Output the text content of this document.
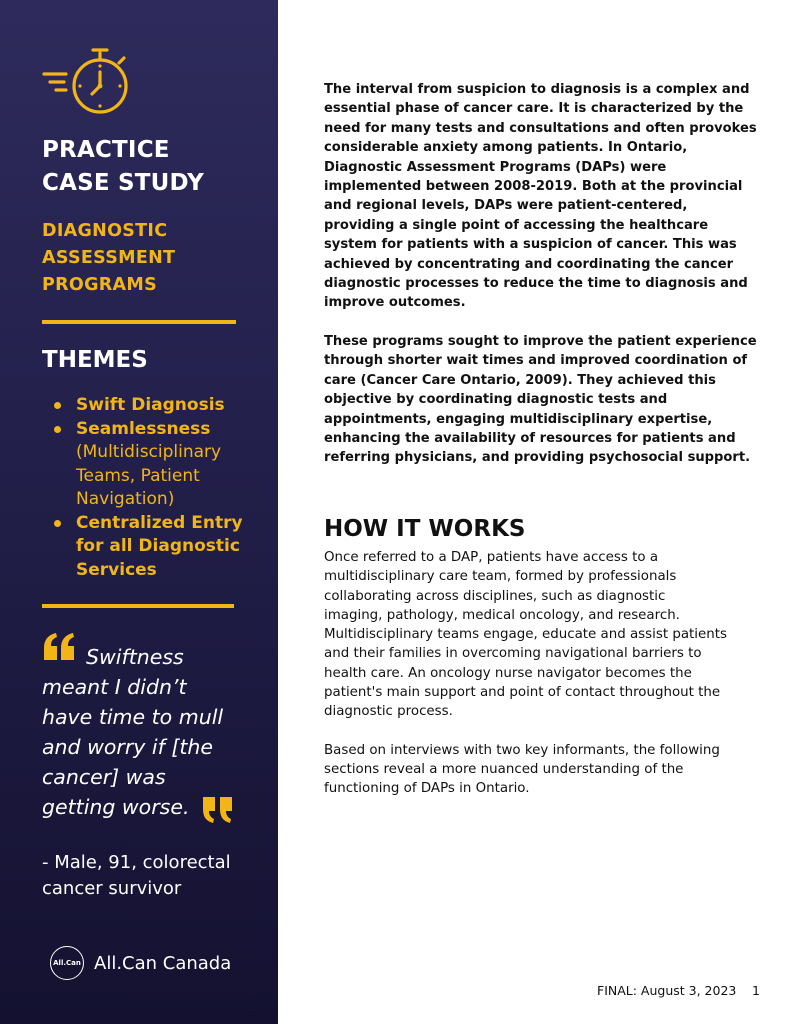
PRACTICE
CASE STUDY
DIAGNOSTIC
ASSESSMENT
PROGRAMS
THEMES
Swift Diagnosis
Seamlessness
(Multidisciplinary
Teams, Patient
Navigation)
Centralized Entry
for all Diagnostic
Services
Swiftness
meant I didn’t
have time to mull
and worry if [the
cancer] was
getting worse.
- Male, 91, colorectal
cancer survivor
All.Can All.Can Canada
The interval from suspicion to diagnosis is a complex and
essential phase of cancer care. It is characterized by the
need for many tests and consultations and often provokes
considerable anxiety among patients. In Ontario,
Diagnostic Assessment Programs (DAPs) were
implemented between 2008-2019. Both at the provincial
and regional levels, DAPs were patient-centered,
providing a single point of accessing the healthcare
system for patients with a suspicion of cancer. This was
achieved by concentrating and coordinating the cancer
diagnostic processes to reduce the time to diagnosis and
improve outcomes.
These programs sought to improve the patient experience
through shorter wait times and improved coordination of
care (Cancer Care Ontario, 2009). They achieved this
objective by coordinating diagnostic tests and
appointments, engaging multidisciplinary expertise,
enhancing the availability of resources for patients and
referring physicians, and providing psychosocial support.
HOW IT WORKS
Once referred to a DAP, patients have access to a
multidisciplinary care team, formed by professionals
collaborating across disciplines, such as diagnostic
imaging, pathology, medical oncology, and research.
Multidisciplinary teams engage, educate and assist patients
and their families in overcoming navigational barriers to
health care. An oncology nurse navigator becomes the
patient's main support and point of contact throughout the
diagnostic process.
Based on interviews with two key informants, the following
sections reveal a more nuanced understanding of the
functioning of DAPs in Ontario.
FINAL: August 3, 2023 1
